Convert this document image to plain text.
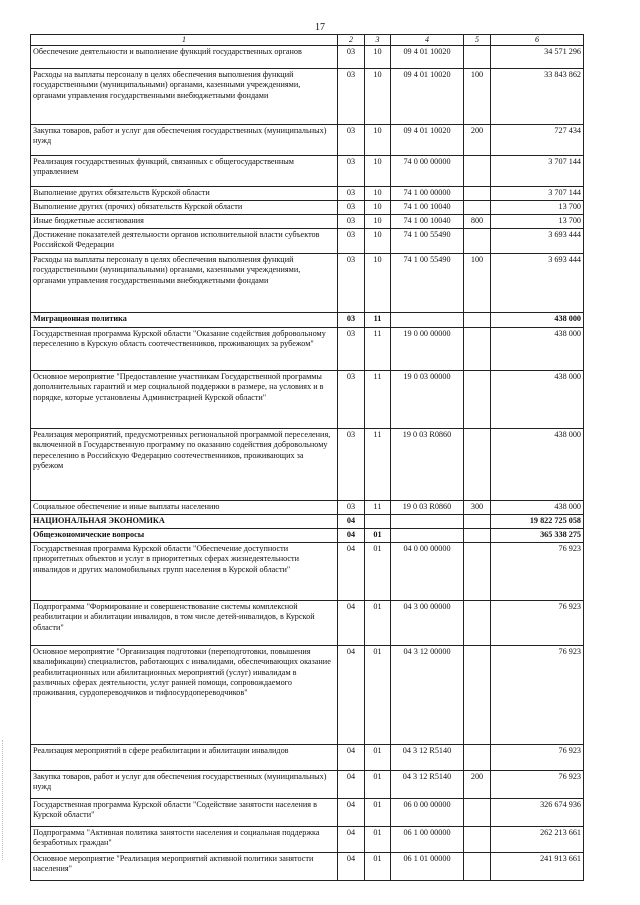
17
1	2	3	4	5	6
Обеспечение деятельности и выполнение функций государственных органов	03	10	09 4 01 10020		34 571 296
Расходы на выплаты персоналу в целях обеспечения выполнения функций государственными (муниципальными) органами, казенными учреждениями, органами управления государственными внебюджетными фондами	03	10	09 4 01 10020	100	33 843 862
Закупка товаров, работ и услуг для обеспечения государственных (муниципальных) нужд	03	10	09 4 01 10020	200	727 434
Реализация государственных функций, связанных с общегосударственным управлением	03	10	74 0 00 00000		3 707 144
Выполнение других обязательств Курской области	03	10	74 1 00 00000		3 707 144
Выполнение других (прочих) обязательств Курской области	03	10	74 1 00 10040		13 700
Иные бюджетные ассигнования	03	10	74 1 00 10040	800	13 700
Достижение показателей деятельности органов исполнительной власти субъектов Российской Федерации	03	10	74 1 00 55490		3 693 444
Расходы на выплаты персоналу в целях обеспечения выполнения функций государственными (муниципальными) органами, казенными учреждениями, органами управления государственными внебюджетными фондами	03	10	74 1 00 55490	100	3 693 444
Миграционная политика	03	11			438 000
Государственная программа Курской области "Оказание содействия добровольному переселению в Курскую область соотечественников, проживающих за рубежом"	03	11	19 0 00 00000		438 000
Основное мероприятие "Предоставление участникам Государственной программы дополнительных гарантий и мер социальной поддержки в размере, на условиях и в порядке, которые установлены Администрацией Курской области"	03	11	19 0 03 00000		438 000
Реализация мероприятий, предусмотренных региональной программой переселения, включенной в Государственную программу по оказанию содействия добровольному переселению в Российскую Федерацию соотечественников, проживающих за рубежом	03	11	19 0 03 R0860		438 000
Социальное обеспечение и иные выплаты населению	03	11	19 0 03 R0860	300	438 000
НАЦИОНАЛЬНАЯ ЭКОНОМИКА	04				19 822 725 058
Общеэкономические вопросы	04	01			365 338 275
Государственная программа Курской области "Обеспечение доступности приоритетных объектов и услуг в приоритетных сферах жизнедеятельности инвалидов и других маломобильных групп населения в Курской области"	04	01	04 0 00 00000		76 923
Подпрограмма "Формирование и совершенствование системы комплексной реабилитации и абилитации инвалидов, в том числе детей-инвалидов, в Курской области"	04	01	04 3 00 00000		76 923
Основное мероприятие "Организация подготовки (переподготовки, повышения квалификации) специалистов, работающих с инвалидами, обеспечивающих оказание реабилитационных или абилитационных мероприятий (услуг) инвалидам в различных сферах деятельности, услуг ранней помощи, сопровождаемого проживания, сурдопереводчиков и тифлосурдопереводчиков"	04	01	04 3 12 00000		76 923
Реализация мероприятий в сфере реабилитации и абилитации инвалидов	04	01	04 3 12 R5140		76 923
Закупка товаров, работ и услуг для обеспечения государственных (муниципальных) нужд	04	01	04 3 12 R5140	200	76 923
Государственная программа Курской области "Содействие занятости населения в Курской области"	04	01	06 0 00 00000		326 674 936
Подпрограмма "Активная политика занятости населения и социальная поддержка безработных граждан"	04	01	06 1 00 00000		262 213 661
Основное мероприятие "Реализация мероприятий активной политики занятости населения"	04	01	06 1 01 00000		241 913 661
